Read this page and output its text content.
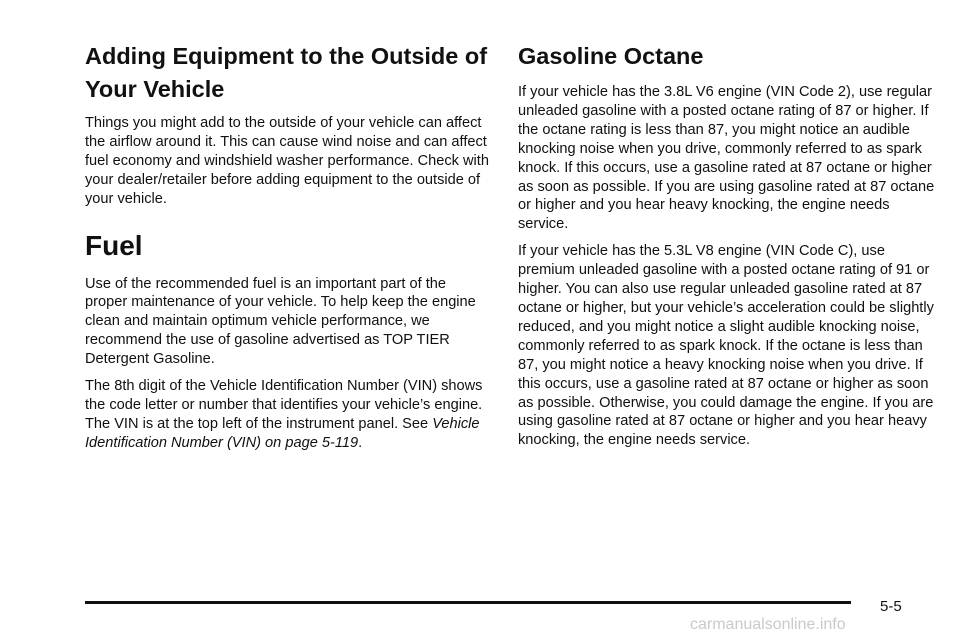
Adding Equipment to the Outside of
Your Vehicle

Things you might add to the outside of your vehicle can affect the airflow around it. This can cause wind noise and can affect fuel economy and windshield washer performance. Check with your dealer/retailer before adding equipment to the outside of your vehicle.

Fuel

Use of the recommended fuel is an important part of the proper maintenance of your vehicle. To help keep the engine clean and maintain optimum vehicle performance, we recommend the use of gasoline advertised as TOP TIER Detergent Gasoline.

The 8th digit of the Vehicle Identification Number (VIN) shows the code letter or number that identifies your vehicle’s engine. The VIN is at the top left of the instrument panel. See Vehicle Identification Number (VIN) on page 5-119.

Gasoline Octane

If your vehicle has the 3.8L V6 engine (VIN Code 2), use regular unleaded gasoline with a posted octane rating of 87 or higher. If the octane rating is less than 87, you might notice an audible knocking noise when you drive, commonly referred to as spark knock. If this occurs, use a gasoline rated at 87 octane or higher as soon as possible. If you are using gasoline rated at 87 octane or higher and you hear heavy knocking, the engine needs service.

If your vehicle has the 5.3L V8 engine (VIN Code C), use premium unleaded gasoline with a posted octane rating of 91 or higher. You can also use regular unleaded gasoline rated at 87 octane or higher, but your vehicle’s acceleration could be slightly reduced, and you might notice a slight audible knocking noise, commonly referred to as spark knock. If the octane is less than 87, you might notice a heavy knocking noise when you drive. If this occurs, use a gasoline rated at 87 octane or higher as soon as possible. Otherwise, you could damage the engine. If you are using gasoline rated at 87 octane or higher and you hear heavy knocking, the engine needs service.

5-5
carmanualsonline.info
